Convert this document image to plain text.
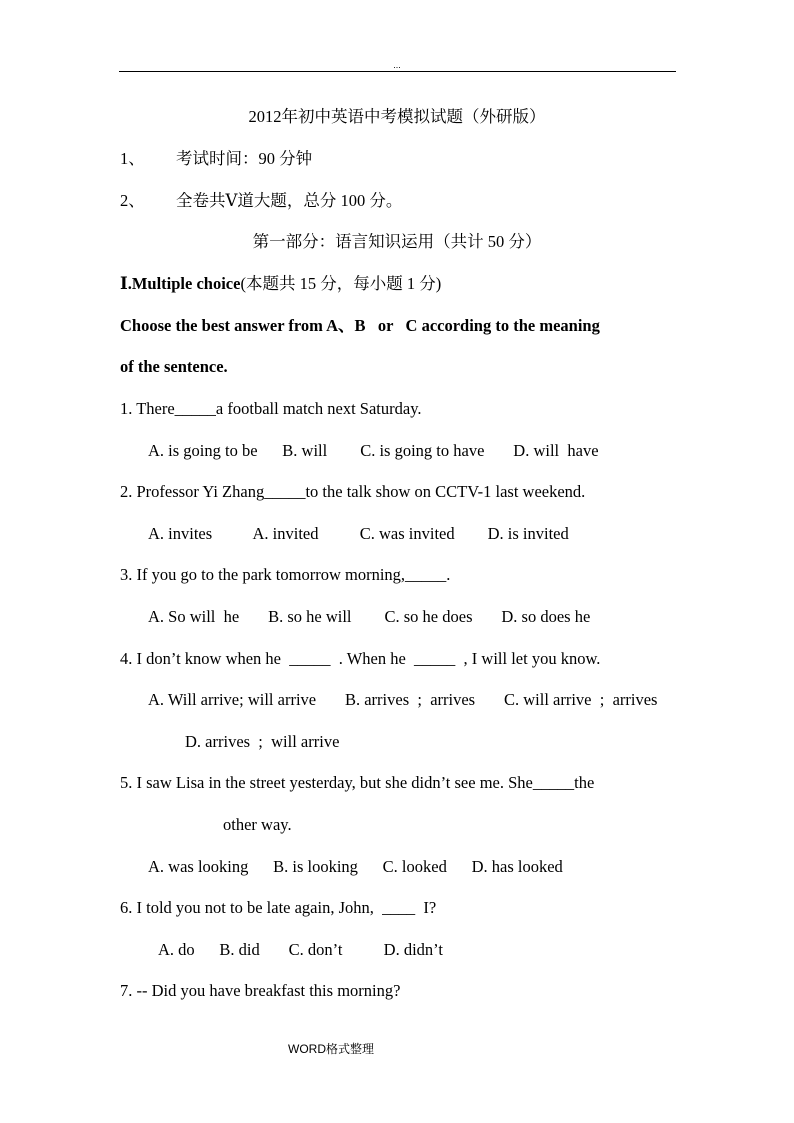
...
2012年初中英语中考模拟试题（外研版）
1、 考试时间：90 分钟
2、 全卷共Ⅴ道大题，总分 100 分。
第一部分：语言知识运用（共计 50 分）
Ⅰ.Multiple choice(本题共 15 分，每小题 1 分)
Choose the best answer from A、B   or   C according to the meaning
of the sentence.
1. There_____a football match next Saturday.
A. is going to be      B. will        C. is going to have       D. will  have
2. Professor Yi Zhang_____to the talk show on CCTV-1 last weekend.
A. invites          A. invited          C. was invited        D. is invited
3. If you go to the park tomorrow morning,_____.
A. So will  he       B. so he will        C. so he does       D. so does he
4. I don’t know when he  _____  . When he  _____  , I will let you know.
A. Will arrive; will arrive       B. arrives  ;  arrives       C. will arrive  ;  arrives
D. arrives  ;  will arrive
5. I saw Lisa in the street yesterday, but she didn’t see me. She_____the
other way.
A. was looking      B. is looking      C. looked      D. has looked
6. I told you not to be late again, John,  ____  I?
A. do      B. did       C. don’t          D. didn’t
7. -- Did you have breakfast this morning?
WORD格式整理
